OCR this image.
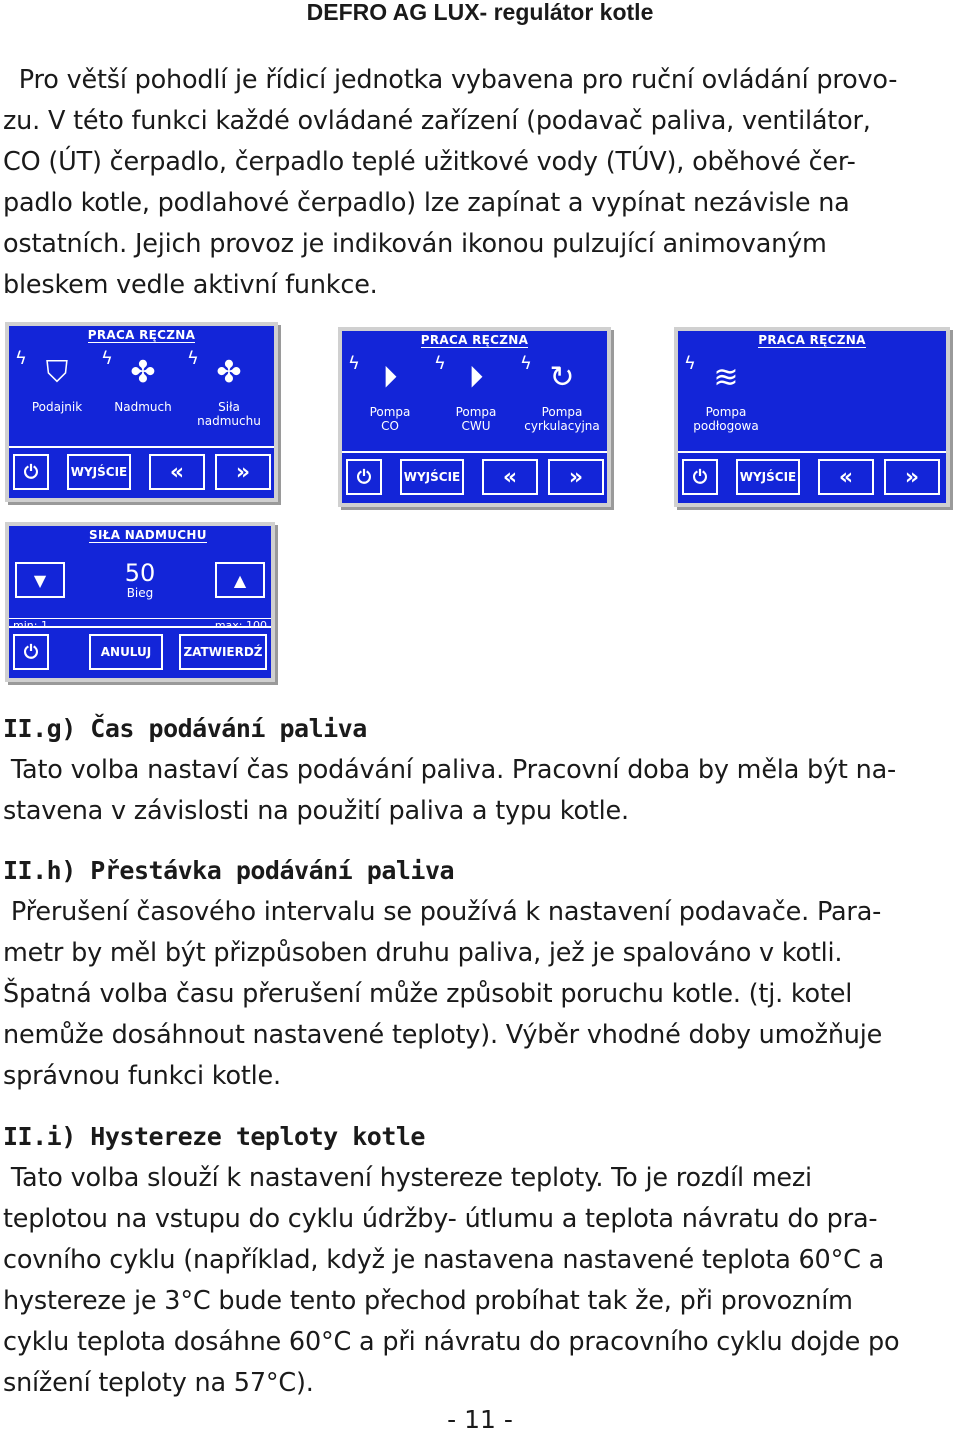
DEFRO AG LUX- regulátor kotle
Pro větší pohodlí je řídicí jednotka vybavena pro ruční ovládání provo-
zu. V této funkci každé ovládané zařízení (podavač paliva, ventilátor,
CO (ÚT) čerpadlo, čerpadlo teplé užitkové vody (TÚV), oběhové čer-
padlo kotle, podlahové čerpadlo) lze zapínat a vypínat nezávisle na
ostatních. Jejich provoz je indikován ikonou pulzující animovaným
bleskem vedle aktivní funkce.
PRACA RĘCZNA
ϟ ⛉
Podajnik
ϟ ✤
Nadmuch
ϟ ✤
Siła
nadmuchu
⏻	WYJŚCIE	«	»
PRACA RĘCZNA
ϟ ⏵
Pompa
CO
ϟ ⏵
Pompa
CWU
ϟ ↻
Pompa
cyrkulacyjna
⏻	WYJŚCIE	«	»
PRACA RĘCZNA
ϟ ≋
Pompa
podłogowa
⏻	WYJŚCIE	«	»
SIŁA NADMUCHU
▼	50
Bieg
▲
⏻	ANULUJ	ZATWIERDŹ
II.g) Čas podávání paliva
Tato volba nastaví čas podávání paliva. Pracovní doba by měla být na-
stavena v závislosti na použití paliva a typu kotle.
II.h) Přestávka podávání paliva
Přerušení časového intervalu se používá k nastavení podavače. Para-
metr by měl být přizpůsoben druhu paliva, jež je spalováno v kotli.
Špatná volba času přerušení může způsobit poruchu kotle. (tj. kotel
nemůže dosáhnout nastavené teploty). Výběr vhodné doby umožňuje
správnou funkci kotle.
II.i) Hystereze teploty kotle
Tato volba slouží k nastavení hystereze teploty. To je rozdíl mezi
teplotou na vstupu do cyklu údržby- útlumu a teplota návratu do pra-
covního cyklu (například, když je nastavena nastavené teplota 60°C a
hystereze je 3°C bude tento přechod probíhat tak že, při provozním
cyklu teplota dosáhne 60°C a při návratu do pracovního cyklu dojde po
snížení teploty na 57°C).
- 11 -
